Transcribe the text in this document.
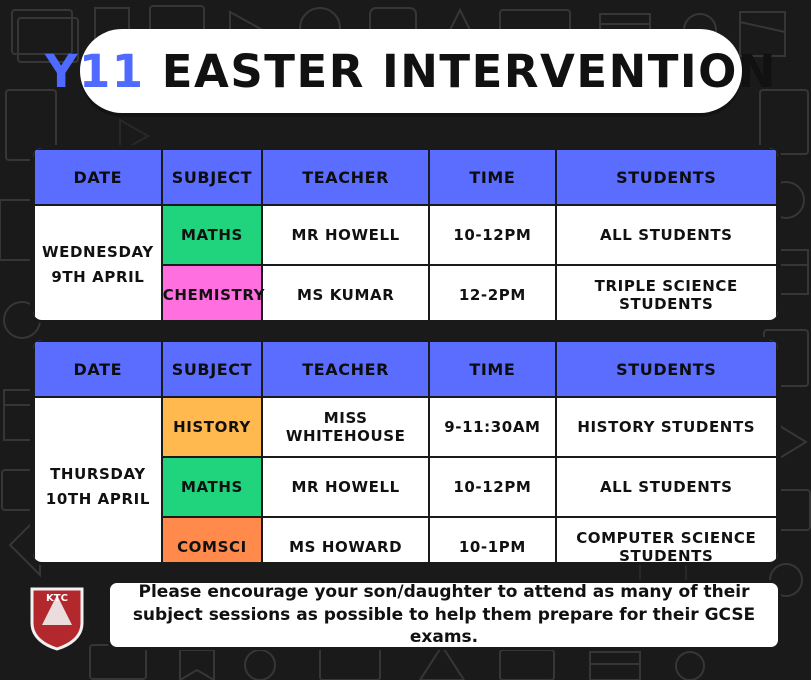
Y11 EASTER INTERVENTION
DATE	SUBJECT	TEACHER	TIME	STUDENTS

WEDNESDAY
9TH APRIL	MATHS	MR HOWELL	10-12PM	ALL STUDENTS
	CHEMISTRY	MS KUMAR	12-2PM	TRIPLE SCIENCE STUDENTS
DATE	SUBJECT	TEACHER	TIME	STUDENTS

THURSDAY
10TH APRIL	HISTORY	MISS WHITEHOUSE	9-11:30AM	HISTORY STUDENTS
	MATHS	MR HOWELL	10-12PM	ALL STUDENTS
	COMSCI	MS HOWARD	10-1PM	COMPUTER SCIENCE STUDENTS
KTC	Please encourage your son/daughter to attend as many of their subject sessions as possible to help them prepare for their GCSE exams.
